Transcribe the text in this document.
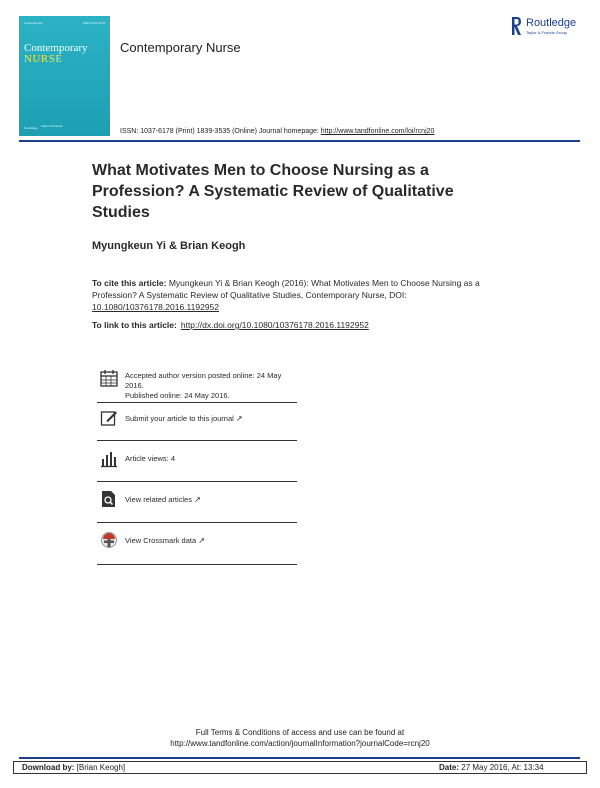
Contemporary	ISSN 1037-6178
Contemporary
NURSE
Routledge Taylor & Francis
Contemporary Nurse
Routledge
Taylor & Francis Group
ISSN: 1037-6178 (Print) 1839-3535 (Online) Journal homepage: http://www.tandfonline.com/loi/rcnj20
What Motivates Men to Choose Nursing as a Profession? A Systematic Review of Qualitative Studies
Myungkeun Yi & Brian Keogh
To cite this article: Myungkeun Yi & Brian Keogh (2016): What Motivates Men to Choose Nursing as a Profession? A Systematic Review of Qualitative Studies, Contemporary Nurse, DOI: 10.1080/10376178.2016.1192952
To link to this article: http://dx.doi.org/10.1080/10376178.2016.1192952
Accepted author version posted online: 24 May 2016.
Published online: 24 May 2016.
Submit your article to this journal ↗
Article views: 4
View related articles ↗
View Crossmark data ↗
Full Terms & Conditions of access and use can be found at
http://www.tandfonline.com/action/journalInformation?journalCode=rcnj20
Download by: [Brian Keogh]	Date: 27 May 2016, At: 13:34
